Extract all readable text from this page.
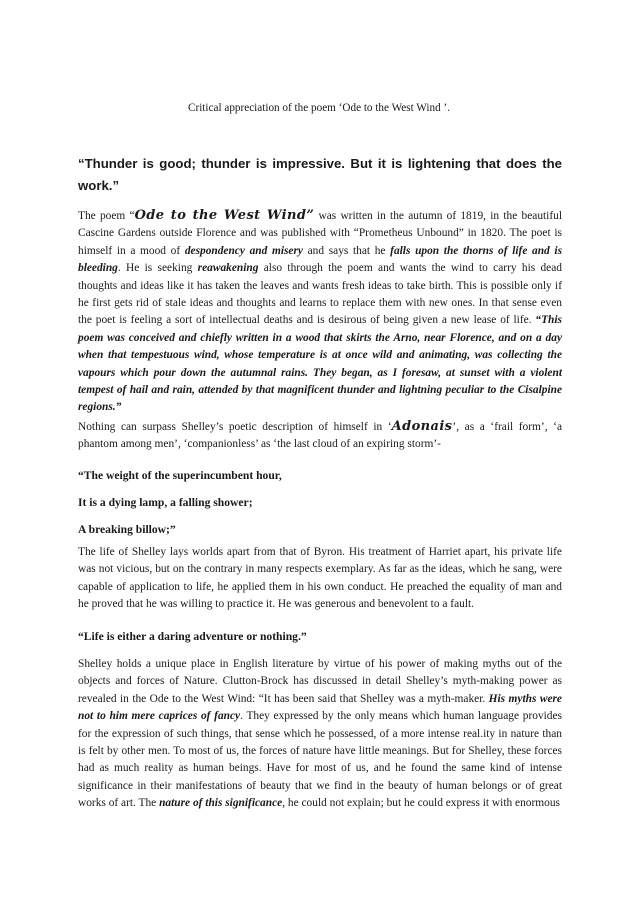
Critical appreciation of the poem ‘Ode to the West Wind ’.
“Thunder is good; thunder is impressive. But it is lightening that does the work.”

The poem “Ode to the West Wind” was written in the autumn of 1819, in the beautiful Cascine Gardens outside Florence and was published with “Prometheus Unbound” in 1820. The poet is himself in a mood of despondency and misery and says that he falls upon the thorns of life and is bleeding. He is seeking reawakening also through the poem and wants the wind to carry his dead thoughts and ideas like it has taken the leaves and wants fresh ideas to take birth. This is possible only if he first gets rid of stale ideas and thoughts and learns to replace them with new ones. In that sense even the poet is feeling a sort of intellectual deaths and is desirous of being given a new lease of life. “This poem was conceived and chiefly written in a wood that skirts the Arno, near Florence, and on a day when that tempestuous wind, whose temperature is at once wild and animating, was collecting the vapours which pour down the autumnal rains. They began, as I foresaw, at sunset with a violent tempest of hail and rain, attended by that magnificent thunder and lightning peculiar to the Cisalpine regions.”

Nothing can surpass Shelley’s poetic description of himself in ‘Adonais’, as a ‘frail form’, ‘a phantom among men’, ‘companionless’ as ‘the last cloud of an expiring storm’-

“The weight of the superincumbent hour,
It is a dying lamp, a falling shower;
A breaking billow;”

The life of Shelley lays worlds apart from that of Byron. His treatment of Harriet apart, his private life was not vicious, but on the contrary in many respects exemplary. As far as the ideas, which he sang, were capable of application to life, he applied them in his own conduct. He preached the equality of man and he proved that he was willing to practice it. He was generous and benevolent to a fault.

“Life is either a daring adventure or nothing.”

Shelley holds a unique place in English literature by virtue of his power of making myths out of the objects and forces of Nature. Clutton-Brock has discussed in detail Shelley’s myth-making power as revealed in the Ode to the West Wind: “It has been said that Shelley was a myth-maker. His myths were not to him mere caprices of fancy. They expressed by the only means which human language provides for the expression of such things, that sense which he possessed, of a more intense real.ity in nature than is felt by other men. To most of us, the forces of nature have little meanings. But for Shelley, these forces had as much reality as human beings. Have for most of us, and he found the same kind of intense significance in their manifestations of beauty that we find in the beauty of human belongs or of great works of art. The nature of this significance, he could not explain; but he could express it with enormous
